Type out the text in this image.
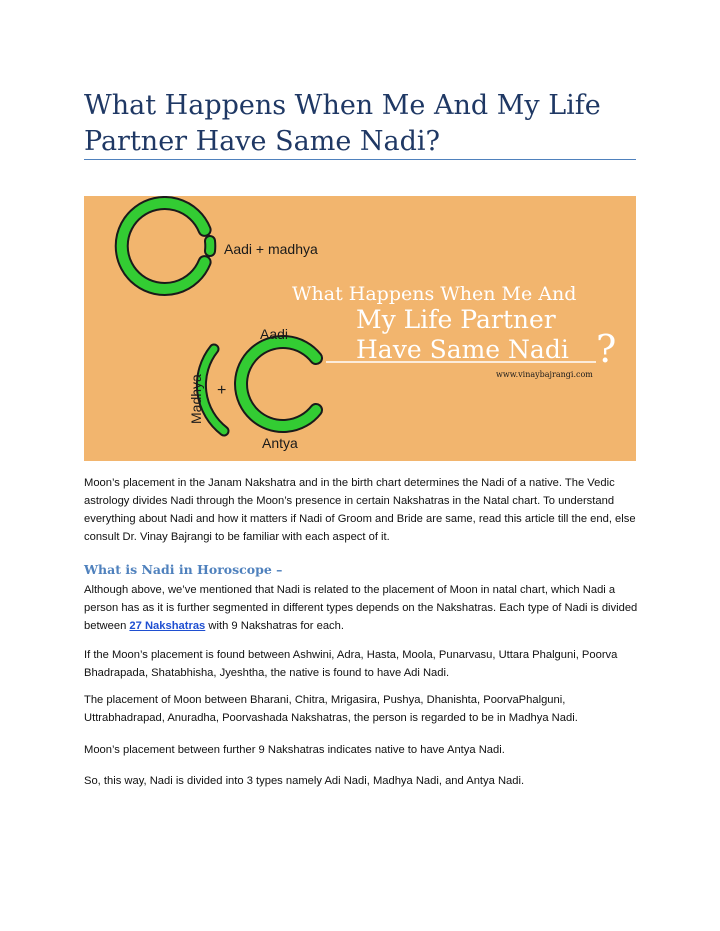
What Happens When Me And My Life
Partner Have Same Nadi?
Aadi + madhya
Madhya +
Aadi
Antya
What Happens When Me And
My Life Partner
Have Same Nadi ?
www.vinaybajrangi.com

Moon’s placement in the Janam Nakshatra and in the birth chart determines the Nadi of a native. The Vedic astrology divides Nadi through the Moon’s presence in certain Nakshatras in the Natal chart. To understand everything about Nadi and how it matters if Nadi of Groom and Bride are same, read this article till the end, else consult Dr. Vinay Bajrangi to be familiar with each aspect of it.

What is Nadi in Horoscope –

Although above, we’ve mentioned that Nadi is related to the placement of Moon in natal chart, which Nadi a person has as it is further segmented in different types depends on the Nakshatras. Each type of Nadi is divided between 27 Nakshatras with 9 Nakshatras for each.

If the Moon’s placement is found between Ashwini, Adra, Hasta, Moola, Punarvasu, Uttara Phalguni, Poorva Bhadrapada, Shatabhisha, Jyeshtha, the native is found to have Adi Nadi.

The placement of Moon between Bharani, Chitra, Mrigasira, Pushya, Dhanishta, PoorvaPhalguni, Uttrabhadrapad, Anuradha, Poorvashada Nakshatras, the person is regarded to be in Madhya Nadi.

Moon’s placement between further 9 Nakshatras indicates native to have Antya Nadi.

So, this way, Nadi is divided into 3 types namely Adi Nadi, Madhya Nadi, and Antya Nadi.
